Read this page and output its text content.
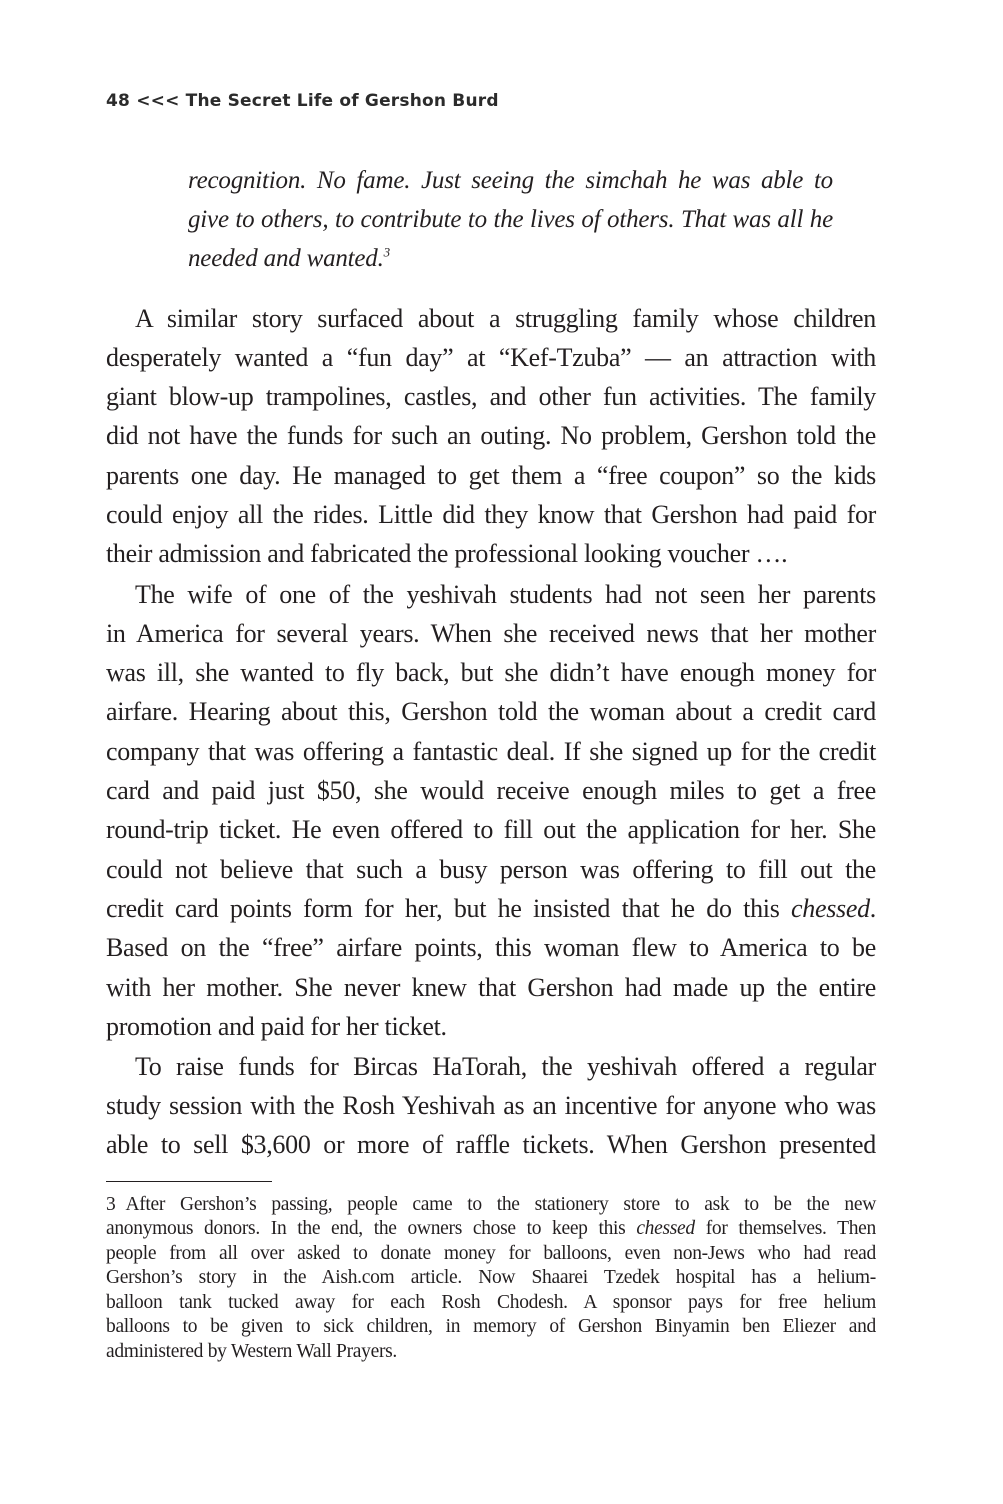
48 <<< The Secret Life of Gershon Burd
recognition. No fame. Just seeing the simchah he was able to
give to others, to contribute to the lives of others. That was all he
needed and wanted.$^3$
A similar story surfaced about a struggling family whose children
desperately wanted a “fun day” at “Kef-Tzuba” — an attraction with
giant blow-up trampolines, castles, and other fun activities. The family
did not have the funds for such an outing. No problem, Gershon told the
parents one day. He managed to get them a “free coupon” so the kids
could enjoy all the rides. Little did they know that Gershon had paid for
their admission and fabricated the professional looking voucher ….
The wife of one of the yeshivah students had not seen her parents
in America for several years. When she received news that her mother
was ill, she wanted to fly back, but she didn’t have enough money for
airfare. Hearing about this, Gershon told the woman about a credit card
company that was offering a fantastic deal. If she signed up for the credit
card and paid just $50, she would receive enough miles to get a free
round-trip ticket. He even offered to fill out the application for her. She
could not believe that such a busy person was offering to fill out the
credit card points form for her, but he insisted that he do this chessed.
Based on the “free” airfare points, this woman flew to America to be
with her mother. She never knew that Gershon had made up the entire
promotion and paid for her ticket.
To raise funds for Bircas HaTorah, the yeshivah offered a regular
study session with the Rosh Yeshivah as an incentive for anyone who was
able to sell $3,600 or more of raffle tickets. When Gershon presented
3 After Gershon’s passing, people came to the stationery store to ask to be the new
anonymous donors. In the end, the owners chose to keep this chessed for themselves. Then
people from all over asked to donate money for balloons, even non-Jews who had read
Gershon’s story in the Aish.com article. Now Shaarei Tzedek hospital has a helium-
balloon tank tucked away for each Rosh Chodesh. A sponsor pays for free helium
balloons to be given to sick children, in memory of Gershon Binyamin ben Eliezer and
administered by Western Wall Prayers.
